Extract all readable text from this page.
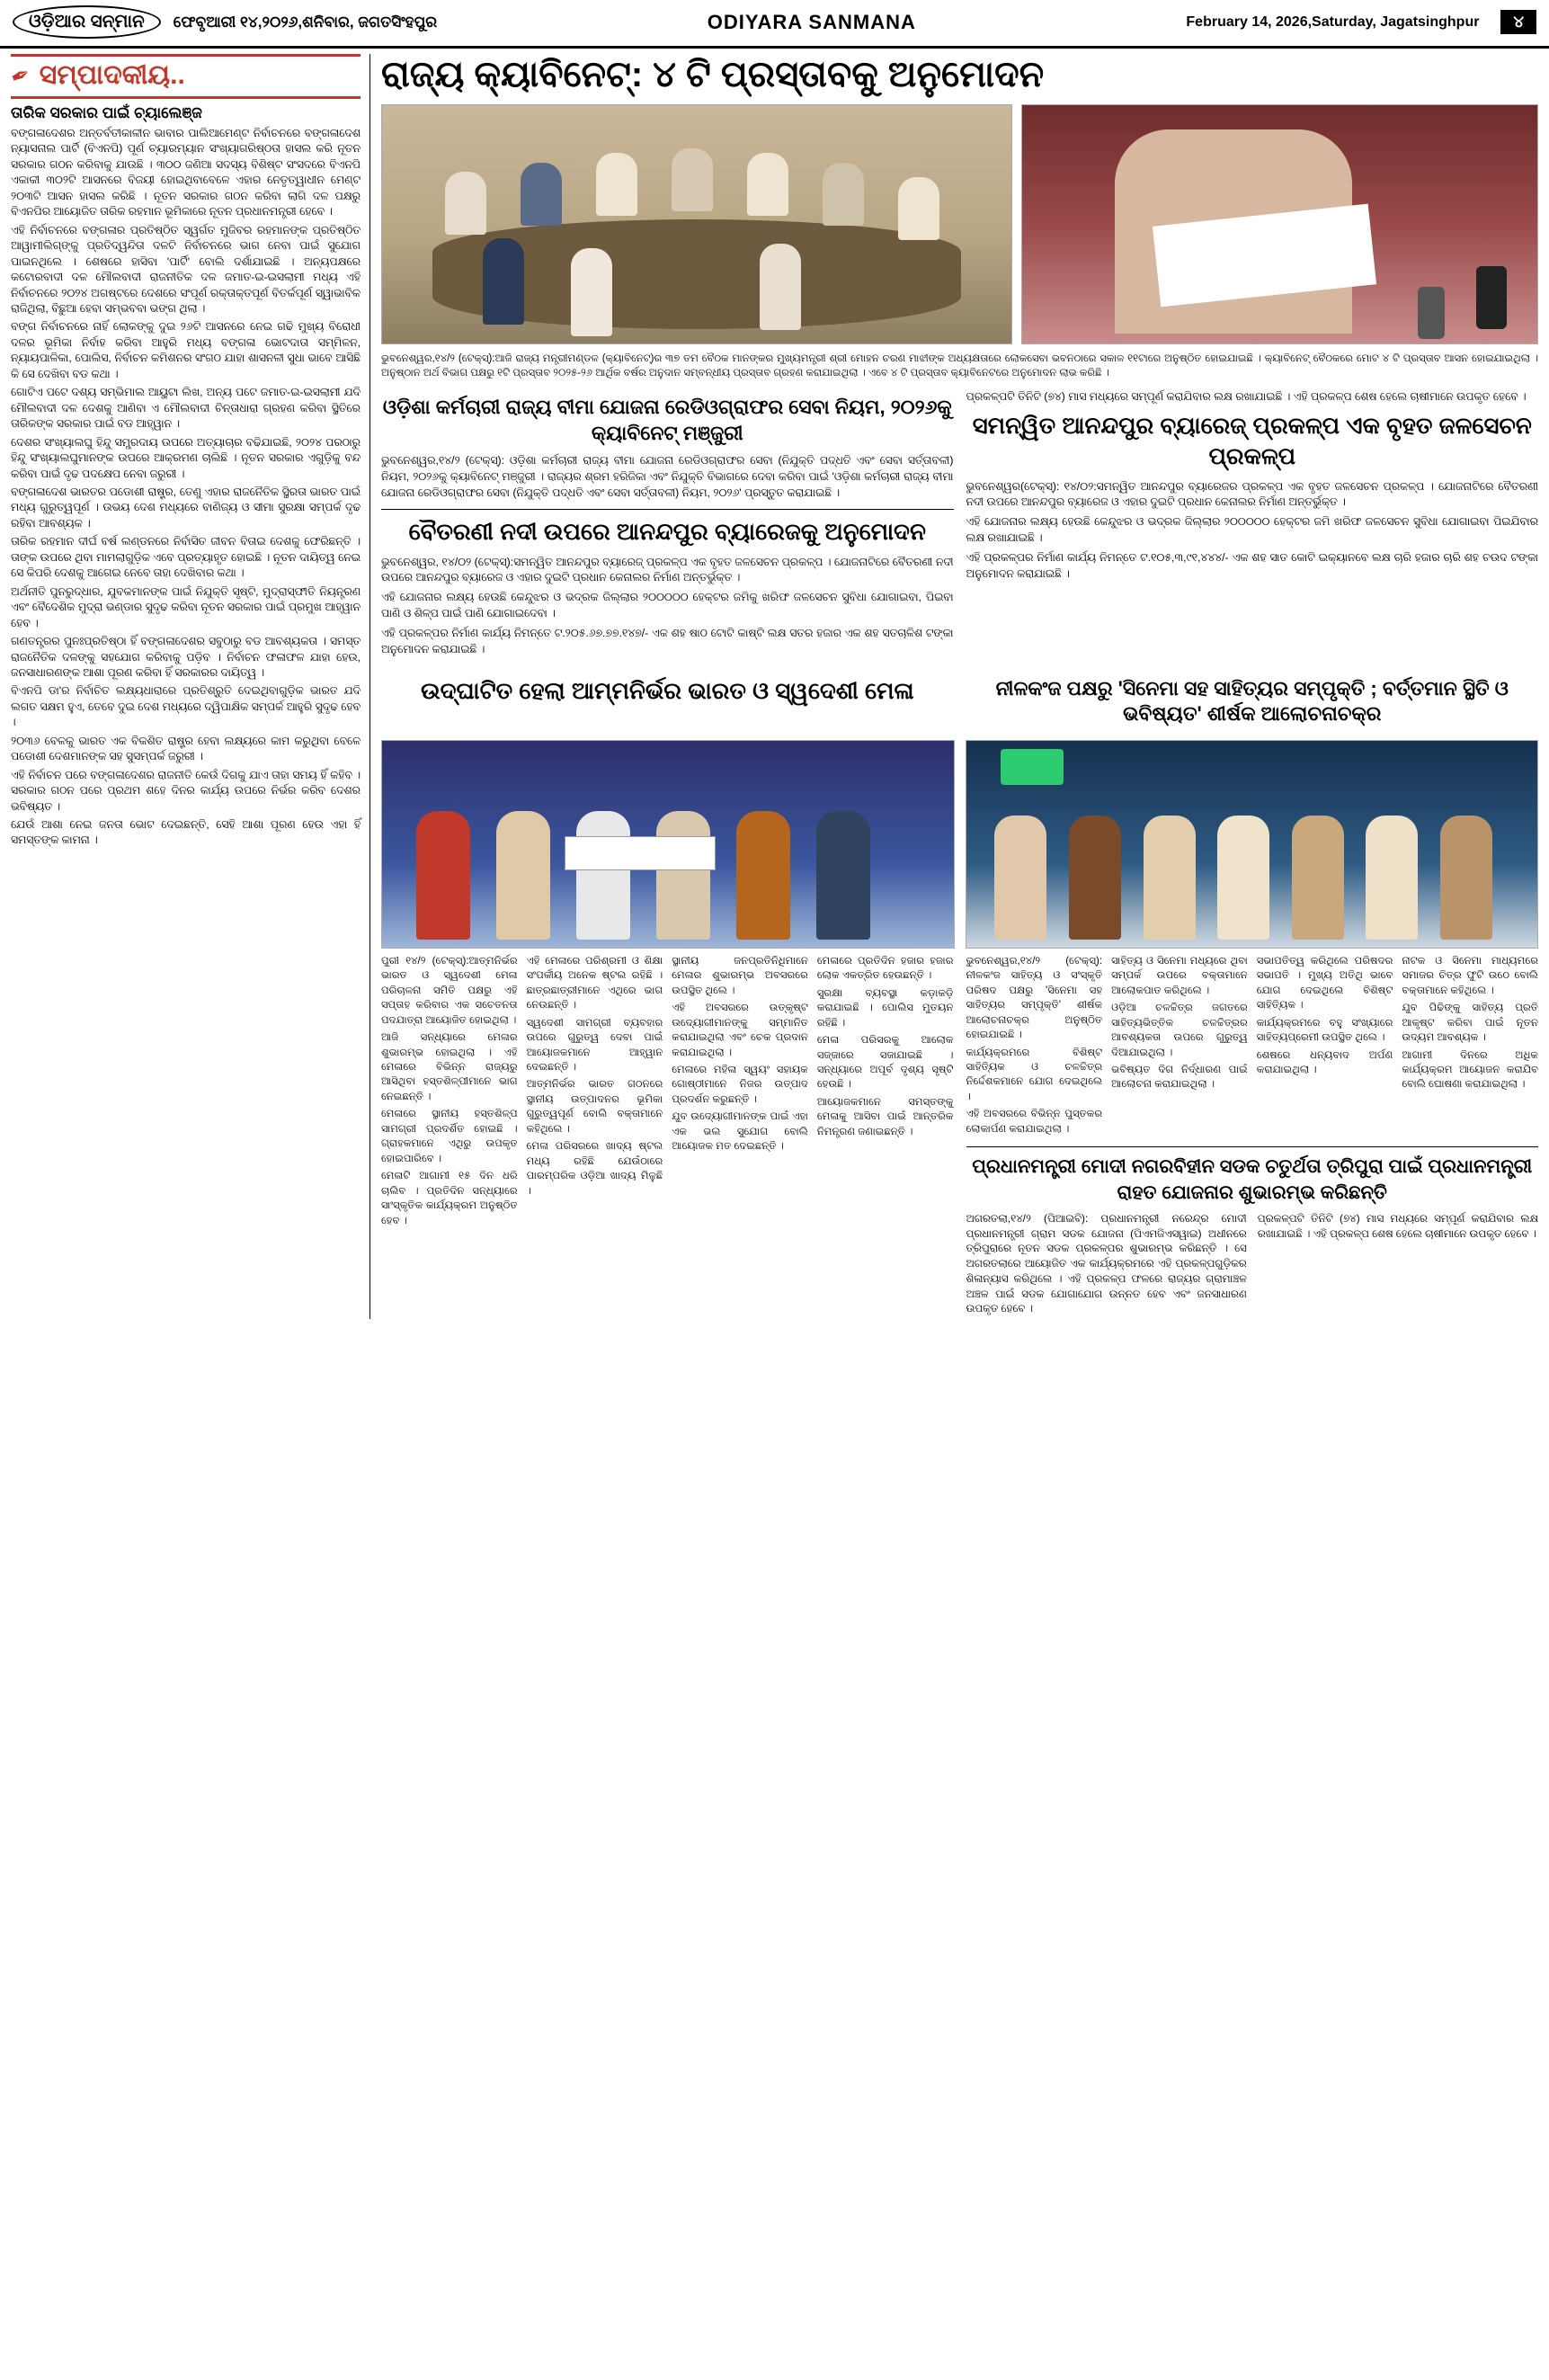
ଓଡ଼ିଆର ସନ୍ମାନ	ଫେବୃଆରୀ ୧୪,୨୦୨୬,ଶନିବାର, ଜଗତସିଂହପୁର	ODIYARA SANMANA	February 14, 2026,Saturday, Jagatsinghpur	୪
✒ ସମ୍ପାଦକୀୟ..
ତାରିକ ସରକାର ପାଇଁ ଚ୍ୟାଲେଞ୍ଜ

ବଙ୍ଗଳାଦେଶର ଅନ୍ତର୍ବତୀକାଳୀନ ଭାବାର ପାଲିଆମେଣ୍ଟ ନିର୍ବାଚନରେ ବଙ୍ଗଳାଦେଶ ନ୍ୟାସନାଲ ପାର୍ଟି (ବିଏନପି) ପୂର୍ଣ ଚ୍ୟାରମ୍ୟାନ ସଂଖ୍ୟାଗରିଷ୍ଠତା ହାସଲ କରି ନୂତନ ସରକାର ଗଠନ କରିବାକୁ ଯାଉଛି । ୩୦୦ ଜଣିଆ ସଦସ୍ୟ ବିଶିଷ୍ଟ ସଂସଦରେ ବିଏନପି ଏକାକୀ ୩୦୨ଟି ଆସନରେ ବିଜୟୀ ହୋଇଥିବାବେଳେ ଏହାର ନେତୃତ୍ୱାଧୀନ ମେଣ୍ଟ ୨୦୩ଟି ଆସନ ହାସଲ କରିଛି । ନୂତନ ସରକାର ଗଠନ କରିବା ଲାଗି ଦଳ ପକ୍ଷରୁ ବିଏନପିର ଆୟୋଜିତ ତାରିକ ରହମାନ ଭୂମିକାରେ ନୂତନ ପ୍ରଧାନମନ୍ତ୍ରୀ ହେବେ ।

ଏହି ନିର୍ବାଚନରେ ବଙ୍ଗଳାର ପ୍ରତିଷ୍ଠିତ ସ୍ୱର୍ଗତ ମୁଜିବର ରହମାନଙ୍କ ପ୍ରତିଷ୍ଠିତ ଆୱାମୀଲିଗ୍‌ଙ୍କୁ ପ୍ରତିଦ୍ୱନ୍ଦିତା ଦଳଟି ନିର୍ବାଚନରେ ଭାଗ ନେବା ପାଇଁ ସୁଯୋଗ ପାଇନଥିଲେ । ଶେଷରେ ହାସିବା 'ପାର୍ଟି' ବୋଲି ଦର୍ଶାଯାଇଛି । ଅନ୍ୟପକ୍ଷରେ କଟୋରବାଦୀ ଦଳ ମୌଲବାଦୀ ରାଜନୀତିକ ଦଳ ଜମାତ-ଇ-ଇସଲାମୀ ମଧ୍ୟ ଏହି ନିର୍ବାଚନରେ ୨୦୨୪ ଅଗଷ୍ଟରେ ଦେଶରେ ସଂପୂର୍ଣ ରକ୍ତାକ୍ତପୂର୍ଣ ବିତର୍କପୂର୍ଣ ସ୍ୱାଭାବିକ ରାଜିଥିଲା, ବିଛୁଆ ହେବା ସମ୍ଭବବା ଭଙ୍ଗ ଥିଲା ।

ବଙ୍ଗ ନିର୍ବାଚନରେ ନାହିଁ ଲୋକଙ୍କୁ ଦୁଇ ୨୬ଟି ଆସନରେ ନେଇ ଗଢି ମୁଖ୍ୟ ବିରୋଧୀ ଦଳର ଭୂମିକା ନିର୍ବାହ କରିବା ଆହୁରି ମଧ୍ୟ ବଙ୍ଗଳା ଭୋଟଦାତା ସମ୍ମିଳନ, ନ୍ୟାୟପାଳିକା, ପୋଲିସ, ନିର୍ବାଚନ କମିଶନର ସଂଗଠ ଯାହା ଶାସନଳୀ ସୁଧା ଭାବେ ଆସିଛି କି ସେ ଦେଖିବା ବଡ କଥା ।

ଗୋଟିଏ ପଟେ ଦଶ୍ୟ ସମ୍ଭିମାଲ ଆୟୁଟା ଲିଖ, ଅନ୍ୟ ପଟେ ଜମାତ-ଇ-ଇସଲାମୀ ଯଦି ମୌଲବାଦୀ ଦଳ ଦେଶକୁ ଆଣିବା ଏ ମୌଲବାଦୀ ଚିନ୍ତାଧାରା ଗ୍ରହଣ କରିବା ସ୍ଥିତିରେ ତାରିକଙ୍କ ସରକାର ପାଇଁ ବଡ ଆହ୍ୱାନ ।

ଦେଶର ସଂଖ୍ୟାଲଘୁ ହିନ୍ଦୁ ସମ୍ପ୍ରଦାୟ ଉପରେ ଅତ୍ୟାଚାର ବଢିଯାଇଛି, ୨୦୨୪ ପରଠାରୁ ହିନ୍ଦୁ ସଂଖ୍ୟାଲଘୁମାନଙ୍କ ଉପରେ ଆକ୍ରମଣ ଚାଲିଛି । ନୂତନ ସରକାର ଏଗୁଡ଼ିକୁ ବନ୍ଦ କରିବା ପାଇଁ ଦୃଢ ପଦକ୍ଷେପ ନେବା ଜରୁରୀ ।

ବଙ୍ଗଳାଦେଶ ଭାରତର ପଡୋଶୀ ରାଷ୍ଟ୍ର, ତେଣୁ ଏହାର ରାଜନୈତିକ ସ୍ଥିରତା ଭାରତ ପାଇଁ ମଧ୍ୟ ଗୁରୁତ୍ୱପୂର୍ଣ । ଉଭୟ ଦେଶ ମଧ୍ୟରେ ବାଣିଜ୍ୟ ଓ ସୀମା ସୁରକ୍ଷା ସମ୍ପର୍କ ଦୃଢ ରହିବା ଆବଶ୍ୟକ ।

ତାରିକ ରହମାନ ଦୀର୍ଘ ବର୍ଷ ଲଣ୍ଡନରେ ନିର୍ବାସିତ ଜୀବନ ବିତାଇ ଦେଶକୁ ଫେରିଛନ୍ତି । ତାଙ୍କ ଉପରେ ଥିବା ମାମଲାଗୁଡ଼ିକ ଏବେ ପ୍ରତ୍ୟାହୃତ ହୋଇଛି । ନୂତନ ଦାୟିତ୍ୱ ନେଇ ସେ କିପରି ଦେଶକୁ ଆଗେଇ ନେବେ ତାହା ଦେଖିବାର କଥା ।

ଅର୍ଥନୀତି ପୁନରୁଦ୍ଧାର, ଯୁବକମାନଙ୍କ ପାଇଁ ନିଯୁକ୍ତି ସୃଷ୍ଟି, ମୁଦ୍ରାସ୍ଫୀତି ନିୟନ୍ତ୍ରଣ ଏବଂ ବୈଦେଶିକ ମୁଦ୍ରା ଭଣ୍ଡାର ସୁଦୃଢ କରିବା ନୂତନ ସରକାର ପାଇଁ ପ୍ରମୁଖ ଆହ୍ୱାନ ହେବ ।

ଗଣତନ୍ତ୍ରର ପୁନଃପ୍ରତିଷ୍ଠା ହିଁ ବଙ୍ଗଳାଦେଶର ସବୁଠାରୁ ବଡ ଆବଶ୍ୟକତା । ସମସ୍ତ ରାଜନୈତିକ ଦଳଙ୍କୁ ସହଯୋଗ କରିବାକୁ ପଡ଼ିବ । ନିର୍ବାଚନ ଫଳାଫଳ ଯାହା ହେଉ, ଜନସାଧାରଣଙ୍କ ଆଶା ପୂରଣ କରିବା ହିଁ ସରକାରର ଦାୟିତ୍ୱ ।

ବିଏନପି ଡା'ର ନିର୍ବାଚିତ ଲକ୍ଷ୍ୟଧାରାରେ ପ୍ରତିଶ୍ରୁତି ଦେଇଥିବାଗୁଡ଼ିକ ଭାରତ ଯଦି ଲଗତ ସକ୍ଷମ ହୁଏ, ତେବେ ଦୁଇ ଦେଶ ମଧ୍ୟରେ ଦ୍ୱିପାକ୍ଷିକ ସମ୍ପର୍କ ଆହୁରି ସୁଦୃଢ ହେବ ।

୨୦୩୬ ବେଳକୁ ଭାରତ ଏକ ବିକଶିତ ରାଷ୍ଟ୍ର ହେବା ଲକ୍ଷ୍ୟରେ କାମ କରୁଥିବା ବେଳେ ପଡୋଶୀ ଦେଶମାନଙ୍କ ସହ ସୁସମ୍ପର୍କ ଜରୁରୀ ।

ଏହି ନିର୍ବାଚନ ପରେ ବଙ୍ଗଳାଦେଶର ରାଜନୀତି କେଉଁ ଦିଗକୁ ଯାଏ ତାହା ସମୟ ହିଁ କହିବ । ସରକାର ଗଠନ ପରେ ପ୍ରଥମ ଶହେ ଦିନର କାର୍ଯ୍ୟ ଉପରେ ନିର୍ଭର କରିବ ଦେଶର ଭବିଷ୍ୟତ ।

ଯେଉଁ ଆଶା ନେଇ ଜନତା ଭୋଟ ଦେଇଛନ୍ତି, ସେହି ଆଶା ପୂରଣ ହେଉ ଏହା ହିଁ ସମସ୍ତଙ୍କ କାମନା ।

ରାଜ୍ୟ କ୍ୟାବିନେଟ୍: ୪ ଟି ପ୍ରସ୍ତାବକୁ ଅନୁମୋଦନ
ଭୁବନେଶ୍ୱର,୧୪/୨ (ଟେକ୍ସ୍):ଆଜି ରାଜ୍ୟ ମନ୍ତ୍ରୀମଣ୍ଡଳ (କ୍ୟାବିନେଟ୍)ର ୩୭ ତମ ବୈଠକ ମାନଙ୍କର ମୁଖ୍ୟମନ୍ତ୍ରୀ ଶ୍ରୀ ମୋହନ ଚରଣ ମାଝୀଙ୍କ ଅଧ୍ୟକ୍ଷତାରେ ଲୋକସେବା ଭବନଠାରେ ସକାଳ ୧୧ଟାରେ ଅନୁଷ୍ଠିତ ହୋଇଯାଇଛି । କ୍ୟାବିନେଟ୍ ବୈଠକରେ ମୋଟ ୪ ଟି ପ୍ରସ୍ତାବ ଆସନ ହୋଇଯାଇଥିଲା । ଅନୁଷ୍ଠାନ ଅର୍ଥ ବିଭାଗ ପକ୍ଷରୁ ୧ଟି ପ୍ରସ୍ତାବ ୨୦୨୫-୨୬ ଆର୍ଥିକ ବର୍ଷର ଅନୁଦାନ ସମ୍ବନ୍ଧୀୟ ପ୍ରସ୍ତାବ ଗ୍ରହଣ କରାଯାଇଥିଲା । ଏବେ ୪ ଟି ପ୍ରସ୍ତାବ କ୍ୟାବିନେଟରେ ଅନୁମୋଦନ ଲାଭ କରିଛି ।
ଓଡ଼ିଶା କର୍ମଚାରୀ ରାଜ୍ୟ ବୀମା ଯୋଜନା ରେଡିଓଗ୍ରାଫର ସେବା ନିୟମ, ୨୦୨୬କୁ କ୍ୟାବିନେଟ୍ ମଞ୍ଜୁରୀ

ଭୁବନେଶ୍ୱର,୧୪/୨ (ଟେକ୍ସ୍): ଓଡ଼ିଶା କର୍ମଚାରୀ ରାଜ୍ୟ ବୀମା ଯୋଜନା ରେଡିଓଗ୍ରାଫର ସେବା (ନିଯୁକ୍ତି ପଦ୍ଧତି ଏବଂ ସେବା ସର୍ତ୍ତାବଳୀ) ନିୟମ, ୨୦୨୬କୁ କ୍ୟାବିନେଟ୍ ମଞ୍ଜୁରୀ । ରାଜ୍ୟର ଶ୍ରମ ହରିଜିକା ଏବଂ ନିଯୁକ୍ତି ବିଭାଗରେ ଦେବା କରିବା ପାଇଁ 'ଓଡ଼ିଶା କର୍ମଚାରୀ ରାଜ୍ୟ ବୀମା ଯୋଜନା ରେଡିଓଗ୍ରାଫର ସେବା (ନିଯୁକ୍ତି ପଦ୍ଧତି ଏବଂ ସେବା ସର୍ତ୍ତାବଳୀ) ନିୟମ, ୨୦୨୬' ପ୍ରସ୍ତୁତ କରାଯାଇଛି ।

ବୈତରଣୀ ନଦୀ ଉପରେ ଆନନ୍ଦପୁର ବ୍ୟାରେଜକୁ ଅନୁମୋଦନ

ଭୁବନେଶ୍ୱର, ୧୪/୦୨ (ଟେକ୍ସ୍):ସମନ୍ୱିତ ଆନନ୍ଦପୁର ବ୍ୟାରେଜ୍ ପ୍ରକଳ୍ପ ଏକ ବୃହତ ଜଳସେଚନ ପ୍ରକଳ୍ପ । ଯୋଜନାଟିରେ ବୈତରଣୀ ନଦୀ ଉପରେ ଆନନ୍ଦପୁର ବ୍ୟାରେଜ ଓ ଏହାର ଦୁଇଟି ପ୍ରଧାନ କେନାଲର ନିର୍ମାଣ ଅନ୍ତର୍ଭୁକ୍ତ ।

ଏହି ଯୋଜନାର ଲକ୍ଷ୍ୟ ହେଉଛି କେନ୍ଦୁଝର ଓ ଭଦ୍ରକ ଜିଲ୍ଲାର ୨୦୦୦୦୦ ହେକ୍ଟର ଜମିକୁ ଖରିଫ ଜଳସେଚନ ସୁବିଧା ଯୋଗାଇବା, ପିଇବା ପାଣି ଓ ଶିଳ୍ପ ପାଇଁ ପାଣି ଯୋଗାଇଦେବା ।

ଏହି ପ୍ରକଳ୍ପର ନିର୍ମାଣ କାର୍ଯ୍ୟ ନିମନ୍ତେ ଟ.୨୦୫.୬୭.୭୭.୧୪୭/- ଏକ ଶହ ଷାଠ ଟୋଟି କାଷ୍ଟି ଲକ୍ଷ ସତର ହଜାର ଏକ ଶହ ସତଚାଳିଶ ଟଙ୍କା ଅନୁମୋଦନ କରାଯାଇଛି ।

ପ୍ରକଳ୍ପଟି ତିନିଟି (୭୪) ମାସ ମଧ୍ୟରେ ସମ୍ପୂର୍ଣ କରାଯିବାର ଲକ୍ଷ ରଖାଯାଇଛି । ଏହି ପ୍ରକଳ୍ପ ଶେଷ ହେଲେ ଚାଷୀମାନେ ଉପକୃତ ହେବେ ।

ସମନ୍ୱିତ ଆନନ୍ଦପୁର ବ୍ୟାରେଜ୍ ପ୍ରକଳ୍ପ ଏକ ବୃହତ ଜଳସେଚନ ପ୍ରକଳ୍ପ

ଭୁବନେଶ୍ୱର(ଟେକ୍ସ୍): ୧୪/୦୨:ସମନ୍ୱିତ ଆନନ୍ଦପୁର ବ୍ୟାରେଜର ପ୍ରକଳ୍ପ ଏକ ବୃହତ ଜଳସେଚନ ପ୍ରକଳ୍ପ । ଯୋଜନାଟିରେ ବୈତରଣୀ ନଦୀ ଉପରେ ଆନନ୍ଦପୁର ବ୍ୟାରେଜ ଓ ଏହାର ଦୁଇଟି ପ୍ରଧାନ କେନାଲର ନିର୍ମାଣ ଅନ୍ତର୍ଭୁକ୍ତ ।

ଏହି ଯୋଜନାର ଲକ୍ଷ୍ୟ ହେଉଛି କେନ୍ଦୁଝର ଓ ଭଦ୍ରକ ଜିଲ୍ଲାର ୨୦୦୦୦୦ ହେକ୍ଟର ଜମି ଖରିଫ ଜଳସେଚନ ସୁବିଧା ଯୋଗାଇବା ପିଇଯିବାର ଲକ୍ଷ ରଖାଯାଇଛି ।

ଏହି ପ୍ରକଳ୍ପର ନିର୍ମାଣ କାର୍ଯ୍ୟ ନିମନ୍ତେ ଟ.୧୦୫,୩,୯୧,୪୪୪/- ଏକ ଶହ ସାତ କୋଟି ଇକ୍ୟାନବେ ଲକ୍ଷ ଚାରି ହଜାର ଚାରି ଶହ ଚଉଦ ଟଙ୍କା ଅନୁମୋଦନ କରାଯାଇଛି ।

ଉଦ୍‌ଘାଟିତ ହେଲା ଆମ୍ମନିର୍ଭର ଭାରତ ଓ ସ୍ୱଦେଶୀ ମେଳା	ନୀଳକଂଜ ପକ୍ଷରୁ 'ସିନେମା ସହ ସାହିତ୍ୟର ସମ୍ପୃକ୍ତି ; ବର୍ତ୍ତମାନ ସ୍ଥିତି ଓ ଭବିଷ୍ୟତ' ଶୀର୍ଷକ ଆଲୋଚନାଚକ୍ର

ପୁରୀ ୧୪/୨ (ଟେକ୍ସ୍):ଆତ୍ମନିର୍ଭର ଭାରତ ଓ ସ୍ୱଦେଶୀ ମେଳା ପରିଚାଳନା ସମିତି ପକ୍ଷରୁ ଏହି ସପ୍ତାହ କରିବାର ଏକ ସଚେତନତା ପଦଯାତ୍ରା ଆୟୋଜିତ ହୋଇଥିଲା ।

ଆଜି ସନ୍ଧ୍ୟାରେ ମେଳାର ଶୁଭାରମ୍ଭ ହୋଇଥିଲା । ଏହି ମେଳାରେ ବିଭିନ୍ନ ରାଜ୍ୟରୁ ଆସିଥିବା ହସ୍ତଶିଳ୍ପୀମାନେ ଭାଗ ନେଇଛନ୍ତି ।

ମେଳାରେ ସ୍ଥାନୀୟ ହସ୍ତଶିଳ୍ପ ସାମଗ୍ରୀ ପ୍ରଦର୍ଶିତ ହୋଇଛି । ଗ୍ରାହକମାନେ ଏଥିରୁ ଉପକୃତ ହୋଇପାରିବେ ।

ମେଳାଟି ଆଗାମୀ ୧୫ ଦିନ ଧରି ଚାଲିବ । ପ୍ରତିଦିନ ସନ୍ଧ୍ୟାରେ ସାଂସ୍କୃତିକ କାର୍ଯ୍ୟକ୍ରମ ଅନୁଷ୍ଠିତ ହେବ ।

ଏହି ମେଳାରେ ପରିଶ୍ରମୀ ଓ ଶିକ୍ଷା ସଂପର୍କୀୟ ଅନେକ ଷ୍ଟଲ ରହିଛି । ଛାତ୍ରଛାତ୍ରୀମାନେ ଏଥିରେ ଭାଗ ନେଉଛନ୍ତି ।

ସ୍ୱଦେଶୀ ସାମଗ୍ରୀ ବ୍ୟବହାର ଉପରେ ଗୁରୁତ୍ୱ ଦେବା ପାଇଁ ଆୟୋଜକମାନେ ଆହ୍ୱାନ ଦେଇଛନ୍ତି ।

ଆତ୍ମନିର୍ଭର ଭାରତ ଗଠନରେ ସ୍ଥାନୀୟ ଉତ୍ପାଦନର ଭୂମିକା ଗୁରୁତ୍ୱପୂର୍ଣ ବୋଲି ବକ୍ତାମାନେ କହିଥିଲେ ।

ମେଳା ପରିସରରେ ଖାଦ୍ୟ ଷ୍ଟଲ ମଧ୍ୟ ରହିଛି ଯେଉଁଠାରେ ପାରମ୍ପରିକ ଓଡ଼ିଆ ଖାଦ୍ୟ ମିଳୁଛି ।

ସ୍ଥାନୀୟ ଜନପ୍ରତିନିଧିମାନେ ମେଳାର ଶୁଭାରମ୍ଭ ଅବସରରେ ଉପସ୍ଥିତ ଥିଲେ ।

ଏହି ଅବସରରେ ଉତ୍କୃଷ୍ଟ ଉଦ୍ୟୋଗୀମାନଙ୍କୁ ସମ୍ମାନିତ କରାଯାଇଥିଲା ଏବଂ ଚେକ ପ୍ରଦାନ କରାଯାଇଥିଲା ।

ମେଳାରେ ମହିଳା ସ୍ୱୟଂ ସହାୟକ ଗୋଷ୍ଠୀମାନେ ନିଜର ଉତ୍ପାଦ ପ୍ରଦର୍ଶନ କରୁଛନ୍ତି ।

ଯୁବ ଉଦ୍ୟୋଗୀମାନଙ୍କ ପାଇଁ ଏହା ଏକ ଭଲ ସୁଯୋଗ ବୋଲି ଆୟୋଜକ ମତ ଦେଇଛନ୍ତି ।

ମେଳାରେ ପ୍ରତିଦିନ ହଜାର ହଜାର ଲୋକ ଏକତ୍ରିତ ହେଉଛନ୍ତି ।

ସୁରକ୍ଷା ବ୍ୟବସ୍ଥା କଡ଼ାକଡ଼ି କରାଯାଇଛି । ପୋଲିସ ମୁତୟନ ରହିଛି ।

ମେଳା ପରିସରକୁ ଆଲୋକ ସଜ୍ଜାରେ ସଜାଯାଇଛି । ସନ୍ଧ୍ୟାରେ ଅପୂର୍ବ ଦୃଶ୍ୟ ସୃଷ୍ଟି ହେଉଛି ।

ଆୟୋଜକମାନେ ସମସ୍ତଙ୍କୁ ମେଳାକୁ ଆସିବା ପାଇଁ ଆନ୍ତରିକ ନିମନ୍ତ୍ରଣ ଜଣାଇଛନ୍ତି ।

ଭୁବନେଶ୍ୱର,୧୪/୨ (ଟେକ୍ସ୍): ନୀଳକଂଜ ସାହିତ୍ୟ ଓ ସଂସ୍କୃତି ପରିଷଦ ପକ୍ଷରୁ 'ସିନେମା ସହ ସାହିତ୍ୟର ସମ୍ପୃକ୍ତି' ଶୀର୍ଷକ ଆଲୋଚନାଚକ୍ର ଅନୁଷ୍ଠିତ ହୋଇଯାଇଛି ।

କାର୍ଯ୍ୟକ୍ରମରେ ବିଶିଷ୍ଟ ସାହିତ୍ୟିକ ଓ ଚଳଚ୍ଚିତ୍ର ନିର୍ଦ୍ଦେଶକମାନେ ଯୋଗ ଦେଇଥିଲେ ।

ଏହି ଅବସରରେ ବିଭିନ୍ନ ପୁସ୍ତକର ଲୋକାର୍ପଣ କରାଯାଇଥିଲା ।

ସାହିତ୍ୟ ଓ ସିନେମା ମଧ୍ୟରେ ଥିବା ସମ୍ପର୍କ ଉପରେ ବକ୍ତାମାନେ ଆଲୋକପାତ କରିଥିଲେ ।

ଓଡ଼ିଆ ଚଳଚ୍ଚିତ୍ର ଜଗତରେ ସାହିତ୍ୟଭିତ୍ତିକ ଚଳଚ୍ଚିତ୍ରର ଆବଶ୍ୟକତା ଉପରେ ଗୁରୁତ୍ୱ ଦିଆଯାଇଥିଲା ।

ଭବିଷ୍ୟତ ଦିଗ ନିର୍ଦ୍ଧାରଣ ପାଇଁ ଆଲୋଚନା କରାଯାଇଥିଲା ।

ସଭାପତିତ୍ୱ କରିଥିଲେ ପରିଷଦର ସଭାପତି । ମୁଖ୍ୟ ଅତିଥି ଭାବେ ଯୋଗ ଦେଇଥିଲେ ବିଶିଷ୍ଟ ସାହିତ୍ୟିକ ।

କାର୍ଯ୍ୟକ୍ରମରେ ବହୁ ସଂଖ୍ୟାରେ ସାହିତ୍ୟପ୍ରେମୀ ଉପସ୍ଥିତ ଥିଲେ ।

ଶେଷରେ ଧନ୍ୟବାଦ ଅର୍ପଣ କରାଯାଇଥିଲା ।

ନାଟକ ଓ ସିନେମା ମାଧ୍ୟମରେ ସମାଜର ଚିତ୍ର ଫୁଟି ଉଠେ ବୋଲି ବକ୍ତାମାନେ କହିଥିଲେ ।

ଯୁବ ପିଢିଙ୍କୁ ସାହିତ୍ୟ ପ୍ରତି ଆକୃଷ୍ଟ କରିବା ପାଇଁ ନୂତନ ଉଦ୍ୟମ ଆବଶ୍ୟକ ।

ଆଗାମୀ ଦିନରେ ଅଧିକ କାର୍ଯ୍ୟକ୍ରମ ଆୟୋଜନ କରାଯିବ ବୋଲି ଘୋଷଣା କରାଯାଇଥିଲା ।

ପ୍ରଧାନମନ୍ତ୍ରୀ ମୋଦୀ ନଗରବିହୀନ ସଡକ ଚତୁର୍ଥତା ତ୍ରିପୁରା ପାଇଁ ପ୍ରଧାନମନ୍ତ୍ରୀ ରାହତ ଯୋଜନାର ଶୁଭାରମ୍ଭ କରିଛନ୍ତି

ଅଗରତଲା,୧୪/୨ (ପିଆଇବି): ପ୍ରଧାନମନ୍ତ୍ରୀ ନରେନ୍ଦ୍ର ମୋଦୀ ପ୍ରଧାନମନ୍ତ୍ରୀ ଗ୍ରାମ ସଡକ ଯୋଜନା (ପିଏମଜିଏସୱାଇ) ଅଧୀନରେ ତ୍ରିପୁରାରେ ନୂତନ ସଡକ ପ୍ରକଳ୍ପର ଶୁଭାରମ୍ଭ କରିଛନ୍ତି । ସେ ଅଗରତଲାରେ ଆୟୋଜିତ ଏକ କାର୍ଯ୍ୟକ୍ରମରେ ଏହି ପ୍ରକଳ୍ପଗୁଡ଼ିକର ଶିଳାନ୍ୟାସ କରିଥିଲେ । ଏହି ପ୍ରକଳ୍ପ ଫଳରେ ରାଜ୍ୟର ଗ୍ରାମାଞ୍ଚଳ ଅଞ୍ଚଳ ପାଇଁ ସଡକ ଯୋଗାଯୋଗ ଉନ୍ନତ ହେବ ଏବଂ ଜନସାଧାରଣ ଉପକୃତ ହେବେ ।

ପ୍ରକଳ୍ପଟି ତିନିଟି (୭୪) ମାସ ମଧ୍ୟରେ ସମ୍ପୂର୍ଣ କରାଯିବାର ଲକ୍ଷ ରଖାଯାଇଛି । ଏହି ପ୍ରକଳ୍ପ ଶେଷ ହେଲେ ଚାଷୀମାନେ ଉପକୃତ ହେବେ ।
